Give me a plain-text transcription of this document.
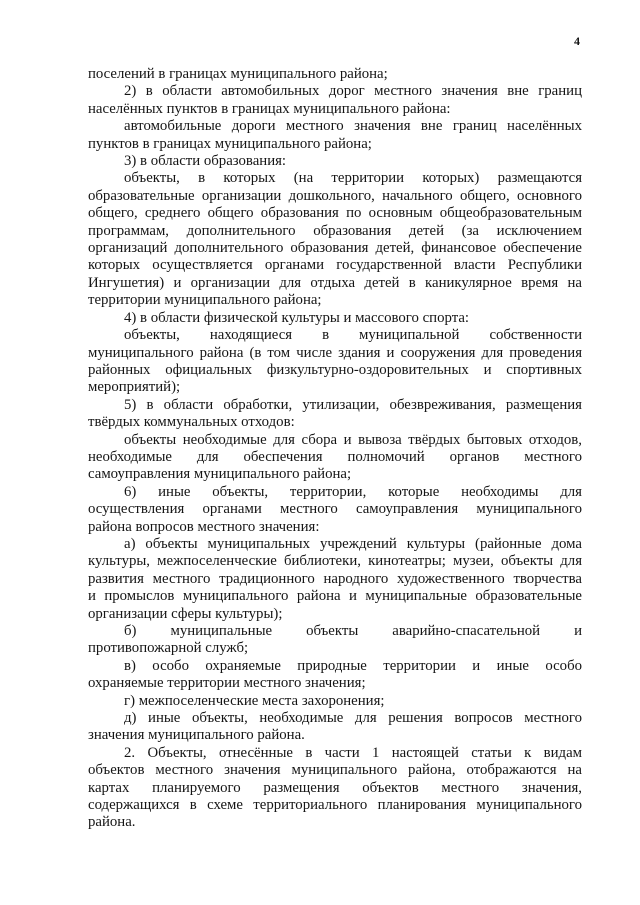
4
поселений в границах муниципального района;
2) в области автомобильных дорог местного значения вне границ
населённых пунктов в границах муниципального района:
автомобильные дороги местного значения вне границ населённых
пунктов в границах муниципального района;
3) в области образования:
объекты, в которых (на территории которых) размещаются
образовательные организации дошкольного, начального общего, основного
общего, среднего общего образования по основным общеобразовательным
программам, дополнительного образования детей (за исключением
организаций дополнительного образования детей, финансовое обеспечение
которых осуществляется органами государственной власти Республики
Ингушетия) и организации для отдыха детей в каникулярное время на
территории муниципального района;
4) в области физической культуры и массового спорта:
объекты, находящиеся в муниципальной собственности
муниципального района (в том числе здания и сооружения для проведения
районных официальных физкультурно-оздоровительных и спортивных
мероприятий);
5) в области обработки, утилизации, обезвреживания, размещения
твёрдых коммунальных отходов:
объекты необходимые для сбора и вывоза твёрдых бытовых отходов,
необходимые для обеспечения полномочий органов местного
самоуправления муниципального района;
6) иные объекты, территории, которые необходимы для
осуществления органами местного самоуправления муниципального
района вопросов местного значения:
а) объекты муниципальных учреждений культуры (районные дома
культуры, межпоселенческие библиотеки, кинотеатры; музеи, объекты для
развития местного традиционного народного художественного творчества
и промыслов муниципального района и муниципальные образовательные
организации сферы культуры);
б) муниципальные объекты аварийно-спасательной и
противопожарной служб;
в) особо охраняемые природные территории и иные особо
охраняемые территории местного значения;
г) межпоселенческие места захоронения;
д) иные объекты, необходимые для решения вопросов местного
значения муниципального района.
2. Объекты, отнесённые в части 1 настоящей статьи к видам
объектов местного значения муниципального района, отображаются на
картах планируемого размещения объектов местного значения,
содержащихся в схеме территориального планирования муниципального
района.
